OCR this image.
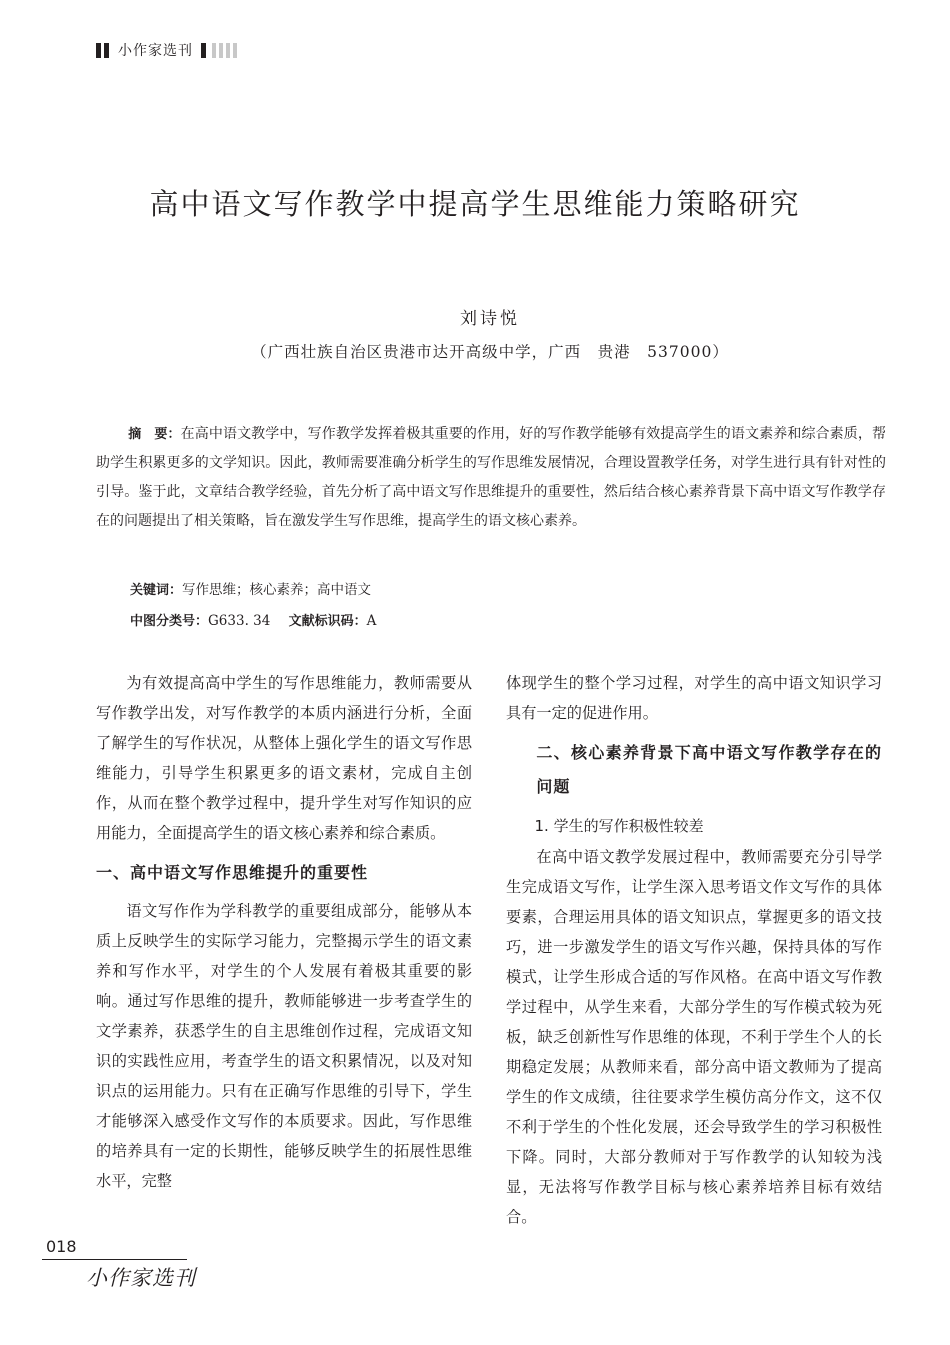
小作家选刊
高中语文写作教学中提高学生思维能力策略研究
刘诗悦
（广西壮族自治区贵港市达开高级中学，广西　贵港　537000）

摘　要：在高中语文教学中，写作教学发挥着极其重要的作用，好的写作教学能够有效提高学生的语文素养和综合素质，帮助学生积累更多的文学知识。因此，教师需要准确分析学生的写作思维发展情况，合理设置教学任务，对学生进行具有针对性的引导。鉴于此，文章结合教学经验，首先分析了高中语文写作思维提升的重要性，然后结合核心素养背景下高中语文写作教学存在的问题提出了相关策略，旨在激发学生写作思维，提高学生的语文核心素养。

关键词：写作思维；核心素养；高中语文
中图分类号：G633. 34 文献标识码：A

为有效提高高中学生的写作思维能力，教师需要从写作教学出发，对写作教学的本质内涵进行分析，全面了解学生的写作状况，从整体上强化学生的语文写作思维能力，引导学生积累更多的语文素材，完成自主创作，从而在整个教学过程中，提升学生对写作知识的应用能力，全面提高学生的语文核心素养和综合素质。

一、高中语文写作思维提升的重要性

语文写作作为学科教学的重要组成部分，能够从本质上反映学生的实际学习能力，完整揭示学生的语文素养和写作水平，对学生的个人发展有着极其重要的影响。通过写作思维的提升，教师能够进一步考查学生的文学素养，获悉学生的自主思维创作过程，完成语文知识的实践性应用，考查学生的语文积累情况，以及对知识点的运用能力。只有在正确写作思维的引导下，学生才能够深入感受作文写作的本质要求。因此，写作思维的培养具有一定的长期性，能够反映学生的拓展性思维水平，完整

体现学生的整个学习过程，对学生的高中语文知识学习具有一定的促进作用。

二、核心素养背景下高中语文写作教学存在的问题
1. 学生的写作积极性较差

在高中语文教学发展过程中，教师需要充分引导学生完成语文写作，让学生深入思考语文作文写作的具体要素，合理运用具体的语文知识点，掌握更多的语文技巧，进一步激发学生的语文写作兴趣，保持具体的写作模式，让学生形成合适的写作风格。在高中语文写作教学过程中，从学生来看，大部分学生的写作模式较为死板，缺乏创新性写作思维的体现，不利于学生个人的长期稳定发展；从教师来看，部分高中语文教师为了提高学生的作文成绩，往往要求学生模仿高分作文，这不仅不利于学生的个性化发展，还会导致学生的学习积极性下降。同时，大部分教师对于写作教学的认知较为浅显，无法将写作教学目标与核心素养培养目标有效结合。

018
小作家选刊
